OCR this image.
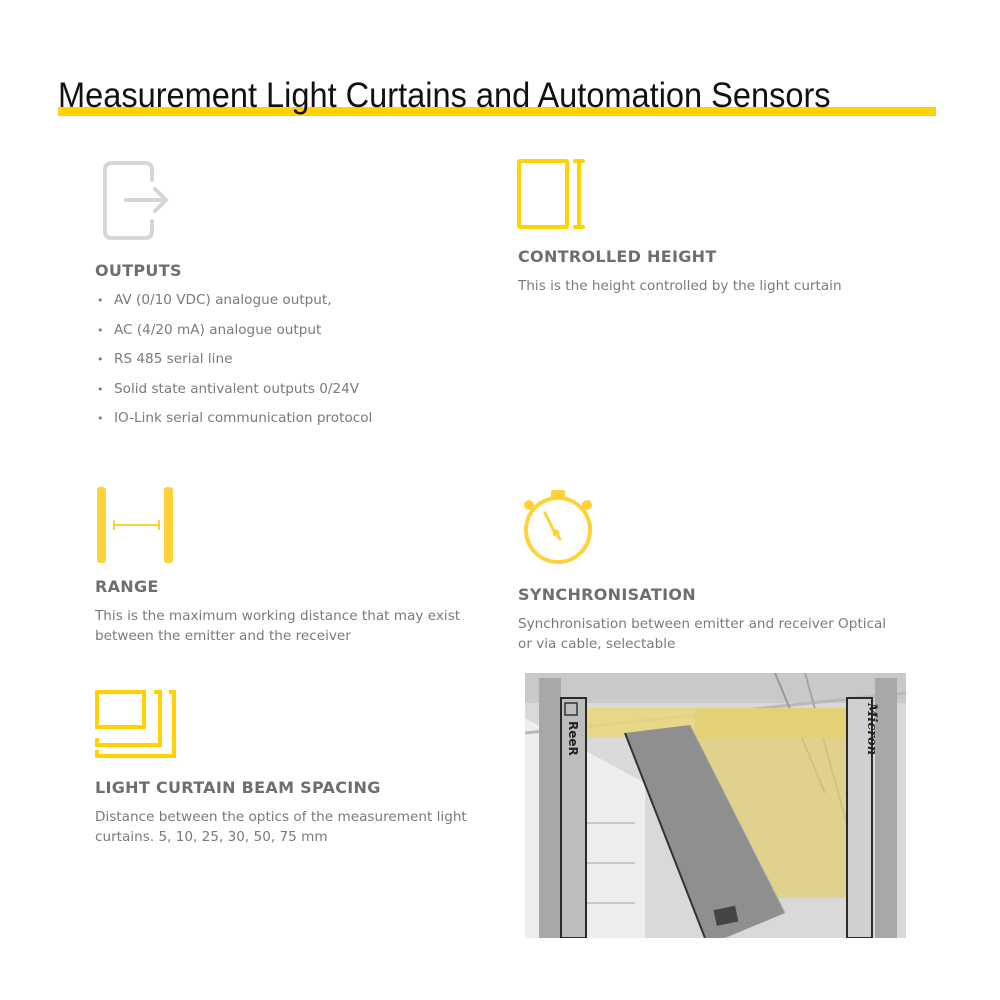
Measurement Light Curtains and Automation Sensors
OUTPUTS
• AV (0/10 VDC) analogue output,
• AC (4/20 mA) analogue output
• RS 485 serial line
• Solid state antivalent outputs 0/24V
• IO-Link serial communication protocol
CONTROLLED HEIGHT

This is the height controlled by the light curtain

RANGE

This is the maximum working distance that may exist

between the emitter and the receiver

SYNCHRONISATION

Synchronisation between emitter and receiver Optical

or via cable, selectable

LIGHT CURTAIN BEAM SPACING

Distance between the optics of the measurement light

curtains. 5, 10, 25, 30, 50, 75 mm

ReeR	Micron
